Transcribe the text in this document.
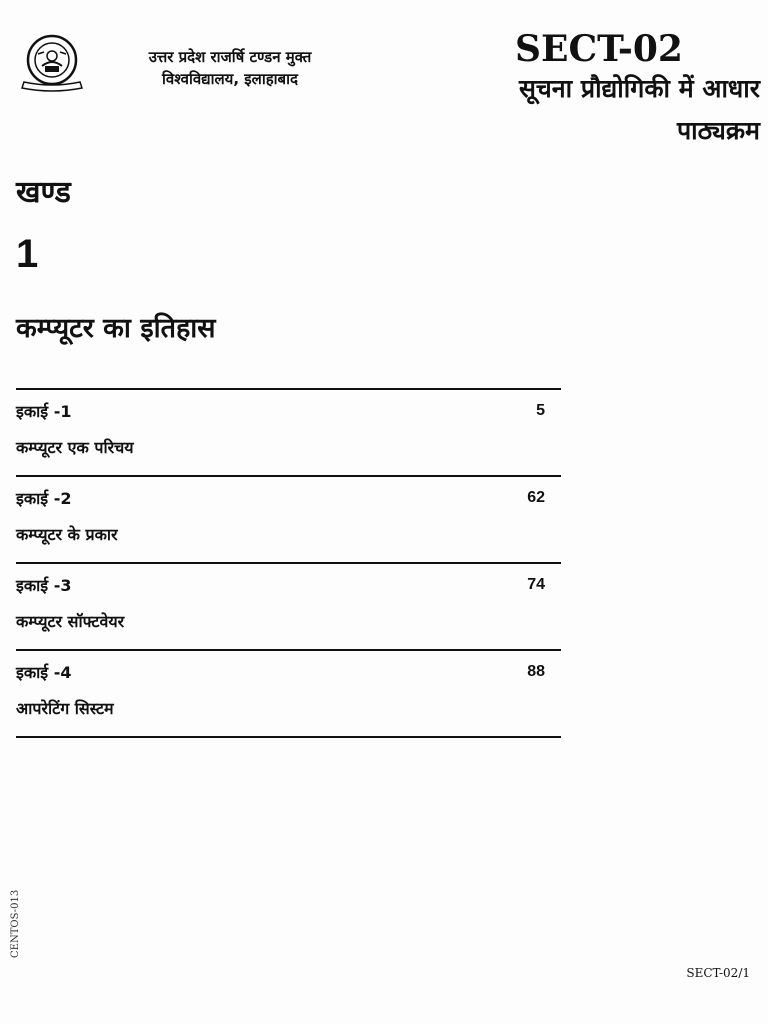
उत्तर प्रदेश राजर्षि टण्डन मुक्त
विश्वविद्यालय, इलाहाबाद
SECT-02
सूचना प्रौद्योगिकी में आधार
पाठ्यक्रम
खण्ड
1
कम्प्यूटर का इतिहास
इकाई -1	5
कम्प्यूटर एक परिचय
इकाई -2	62
कम्प्यूटर के प्रकार
इकाई -3	74
कम्प्यूटर सॉफ्टवेयर
इकाई -4	88
आपरेटिंग सिस्टम
CENTOS-013
SECT-02/1
